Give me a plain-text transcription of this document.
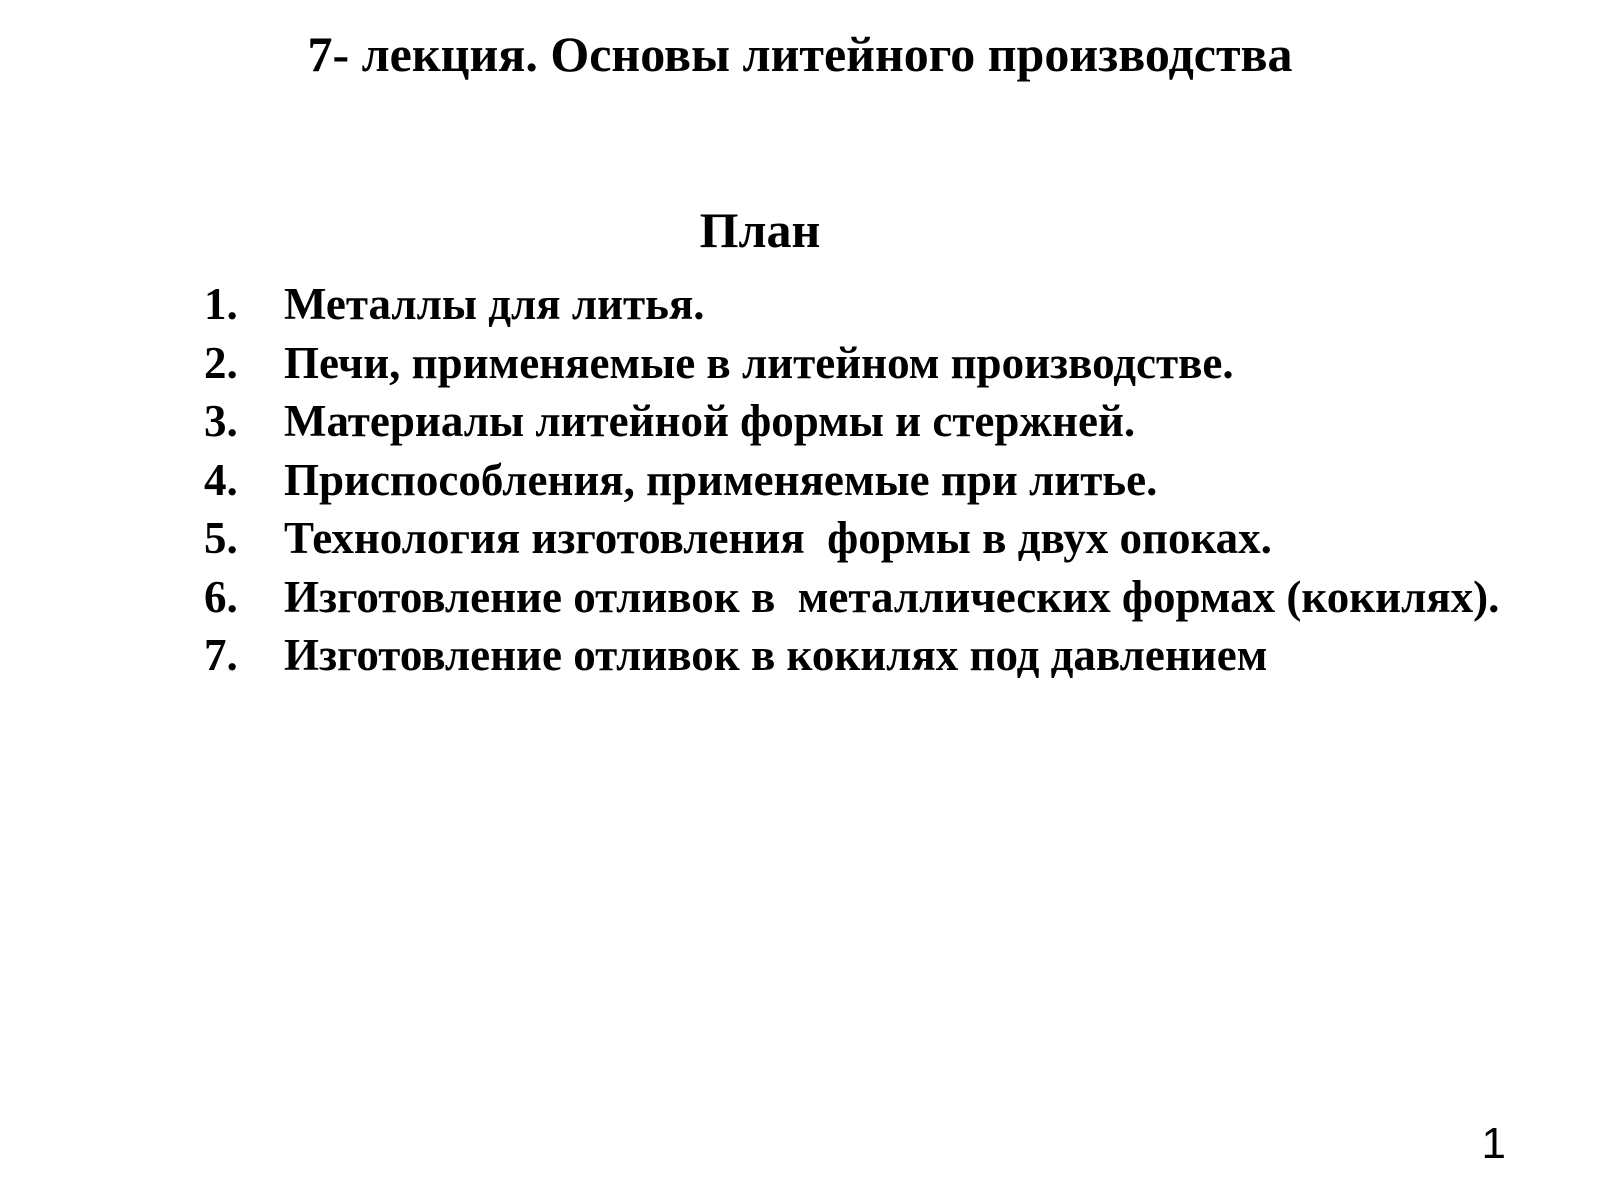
7- лекция. Основы литейного производства
План
1.	Металлы для литья.
2.	Печи, применяемые в литейном производстве.
3.	Материалы литейной формы и стержней.
4.	Приспособления, применяемые при литье.
5.	Технология изготовления  формы в двух опоках.
6.	Изготовление отливок в  металлических формах (кокилях).
7.	Изготовление отливок в кокилях под давлением
1
